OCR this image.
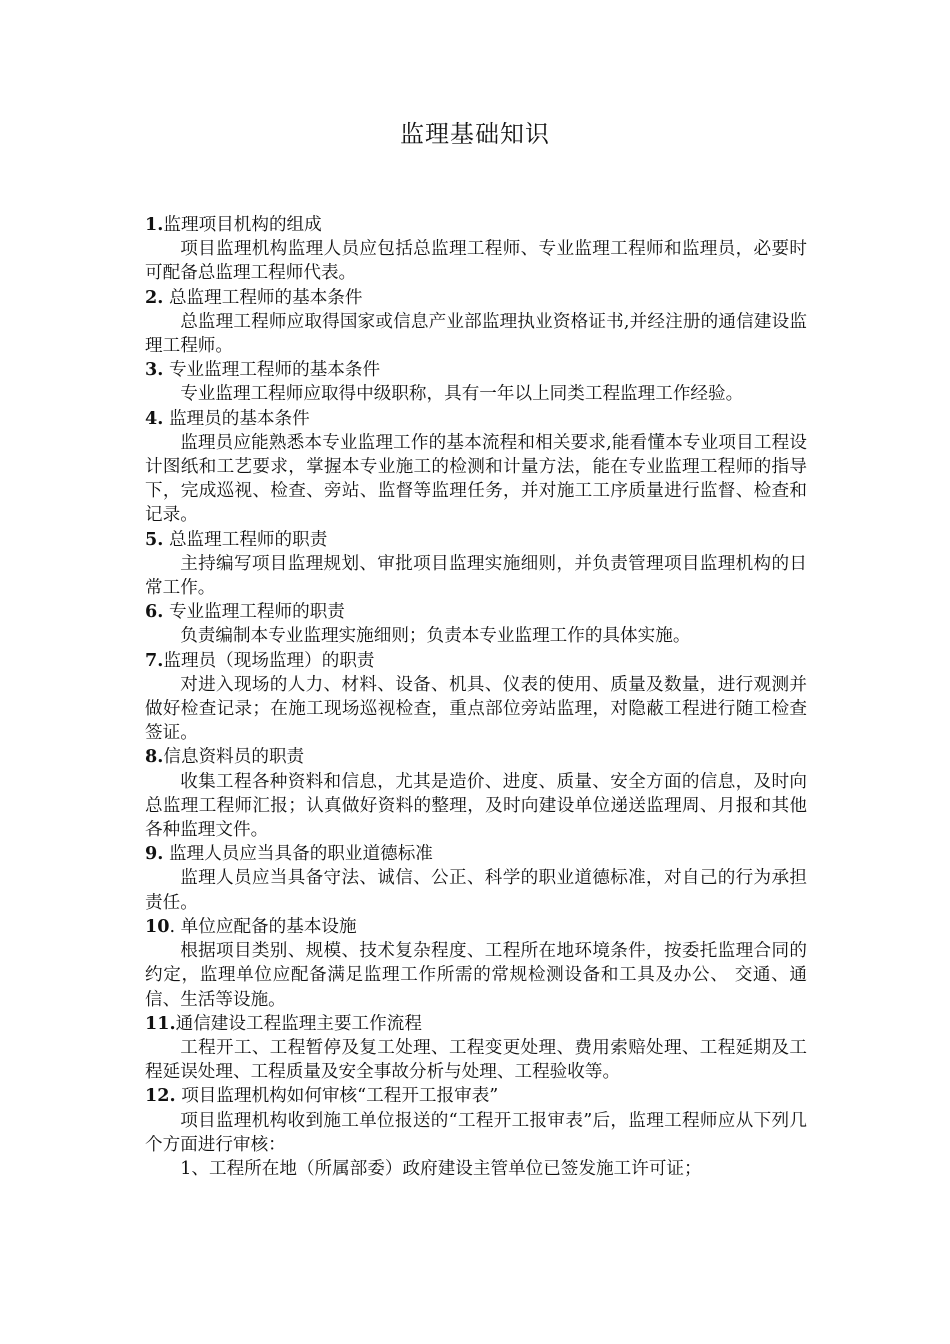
监理基础知识
1.监理项目机构的组成

项目监理机构监理人员应包括总监理工程师、专业监理工程师和监理员，必要时可配备总监理工程师代表。

2. 总监理工程师的基本条件

总监理工程师应取得国家或信息产业部监理执业资格证书,并经注册的通信建设监理工程师。

3. 专业监理工程师的基本条件

专业监理工程师应取得中级职称，具有一年以上同类工程监理工作经验。

4. 监理员的基本条件

监理员应能熟悉本专业监理工作的基本流程和相关要求,能看懂本专业项目工程设计图纸和工艺要求，掌握本专业施工的检测和计量方法，能在专业监理工程师的指导下，完成巡视、检查、旁站、监督等监理任务，并对施工工序质量进行监督、检查和记录。

5. 总监理工程师的职责

主持编写项目监理规划、审批项目监理实施细则，并负责管理项目监理机构的日常工作。

6. 专业监理工程师的职责

负责编制本专业监理实施细则；负责本专业监理工作的具体实施。

7.监理员（现场监理）的职责

对进入现场的人力、材料、设备、机具、仪表的使用、质量及数量，进行观测并做好检查记录；在施工现场巡视检查，重点部位旁站监理，对隐蔽工程进行随工检查签证。

8.信息资料员的职责

收集工程各种资料和信息，尤其是造价、进度、质量、安全方面的信息，及时向总监理工程师汇报；认真做好资料的整理，及时向建设单位递送监理周、月报和其他各种监理文件。

9. 监理人员应当具备的职业道德标准

监理人员应当具备守法、诚信、公正、科学的职业道德标准，对自己的行为承担责任。

10. 单位应配备的基本设施

根据项目类别、规模、技术复杂程度、工程所在地环境条件，按委托监理合同的约定，监理单位应配备满足监理工作所需的常规检测设备和工具及办公、 交通、通信、生活等设施。

11.通信建设工程监理主要工作流程

工程开工、工程暂停及复工处理、工程变更处理、费用索赔处理、工程延期及工程延误处理、工程质量及安全事故分析与处理、工程验收等。

12. 项目监理机构如何审核“工程开工报审表”

项目监理机构收到施工单位报送的“工程开工报审表”后，监理工程师应从下列几个方面进行审核：

1、工程所在地（所属部委）政府建设主管单位已签发施工许可证；
